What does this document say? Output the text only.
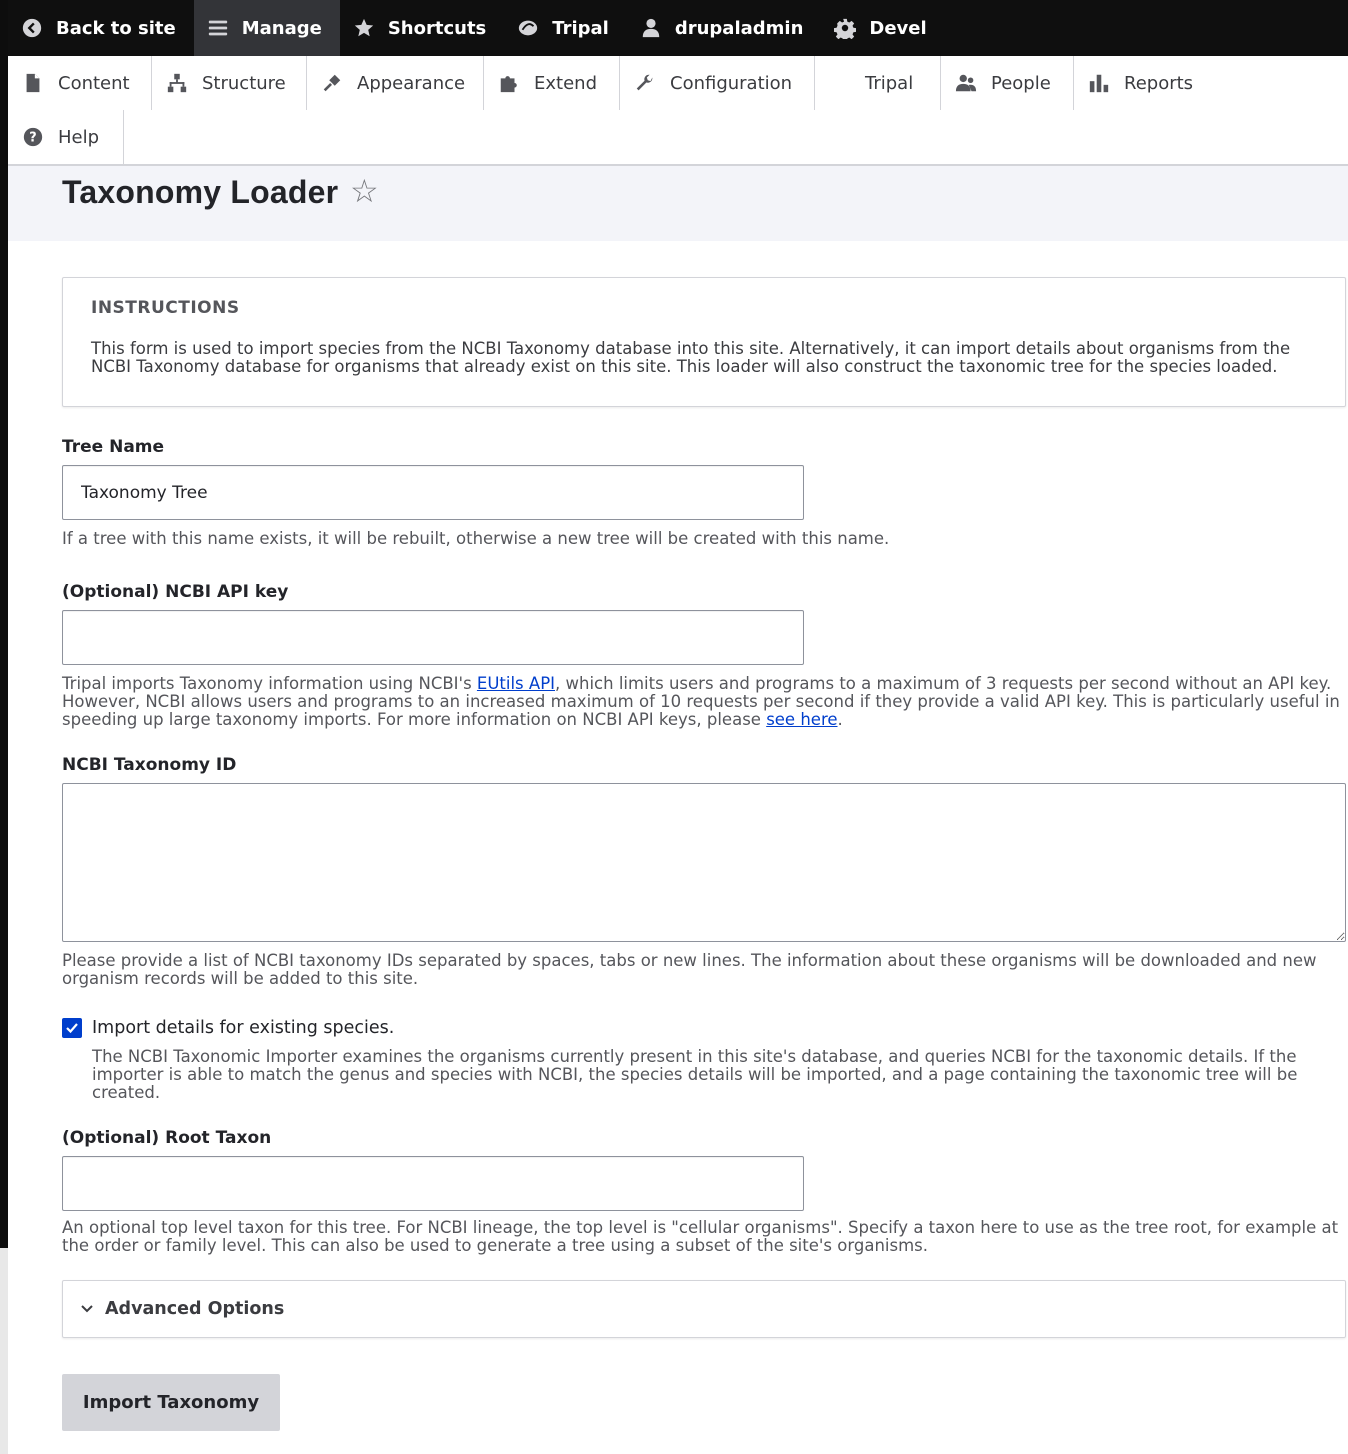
Back to site	Manage	Shortcuts	Tripal	drupaladmin	Devel
Content	Structure	Appearance	Extend	Configuration	Tripal	People	Reports
? Help
Taxonomy Loader ☆
INSTRUCTIONS

This form is used to import species from the NCBI Taxonomy database into this site. Alternatively, it can import details about organisms from the NCBI Taxonomy database for organisms that already exist on this site. This loader will also construct the taxonomic tree for the species loaded.

Tree Name
Taxonomy Tree
If a tree with this name exists, it will be rebuilt, otherwise a new tree will be created with this name.
(Optional) NCBI API key
Tripal imports Taxonomy information using NCBI's EUtils API, which limits users and programs to a maximum of 3 requests per second without an API key. However, NCBI allows users and programs to an increased maximum of 10 requests per second if they provide a valid API key. This is particularly useful in speeding up large taxonomy imports. For more information on NCBI API keys, please see here.
NCBI Taxonomy ID
Please provide a list of NCBI taxonomy IDs separated by spaces, tabs or new lines. The information about these organisms will be downloaded and new organism records will be added to this site.
Import details for existing species.
The NCBI Taxonomic Importer examines the organisms currently present in this site's database, and queries NCBI for the taxonomic details. If the importer is able to match the genus and species with NCBI, the species details will be imported, and a page containing the taxonomic tree will be created.
(Optional) Root Taxon
An optional top level taxon for this tree. For NCBI lineage, the top level is "cellular organisms". Specify a taxon here to use as the tree root, for example at the order or family level. This can also be used to generate a tree using a subset of the site's organisms.
Advanced Options
Import Taxonomy
